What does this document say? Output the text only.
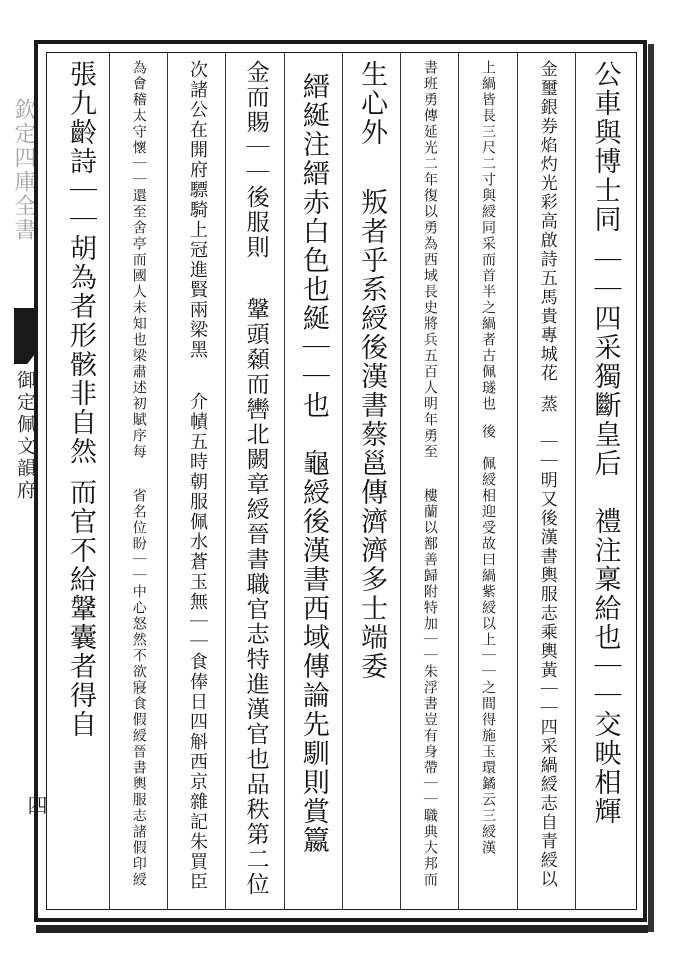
欽定四庫全書
御定佩文韻府
四
公車與博士同｜｜四采獨斷皇后　禮注稟給也｜｜交映相輝
金璽銀券焰灼光彩高啟詩五馬貴專城花蒸　｜｜明又後漢書輿服志乘輿黃｜｜四采緺綬志自青綬以
上緺皆長三尺二寸與綬同采而首半之緺者古佩璲也後　佩綬相迎受故曰緺紫綬以上｜｜之間得施玉環鐍云三綬漢
書班勇傳延光二年復以勇為西域長史將兵五百人明年勇至　樓蘭以鄯善歸附特加｜｜朱浮書豈有身帶｜｜職典大邦而
生心外　叛者乎系綬後漢書蔡邕傳濟濟多士端委
縉綖注縉赤白色也綖｜｜也　龜綬後漢書西域傳論先馴則賞籝
金而賜｜｜後服則　鞶頭顙而轡北闕章綬晉書職官志特進漢官也品秩第二位
次諸公在開府驃騎上冠進賢兩梁黑　介幘五時朝服佩水蒼玉無｜｜食俸日四斛西京雜記朱買臣
為會稽太守懷｜｜還至舍亭而國人未知也梁肅述初賦序每　省名位盼｜｜中心怒然不欲寢食假綬晉書輿服志諸假印綬
張九齡詩｜｜胡為者形骸非自然而官不給鞶囊者得自
